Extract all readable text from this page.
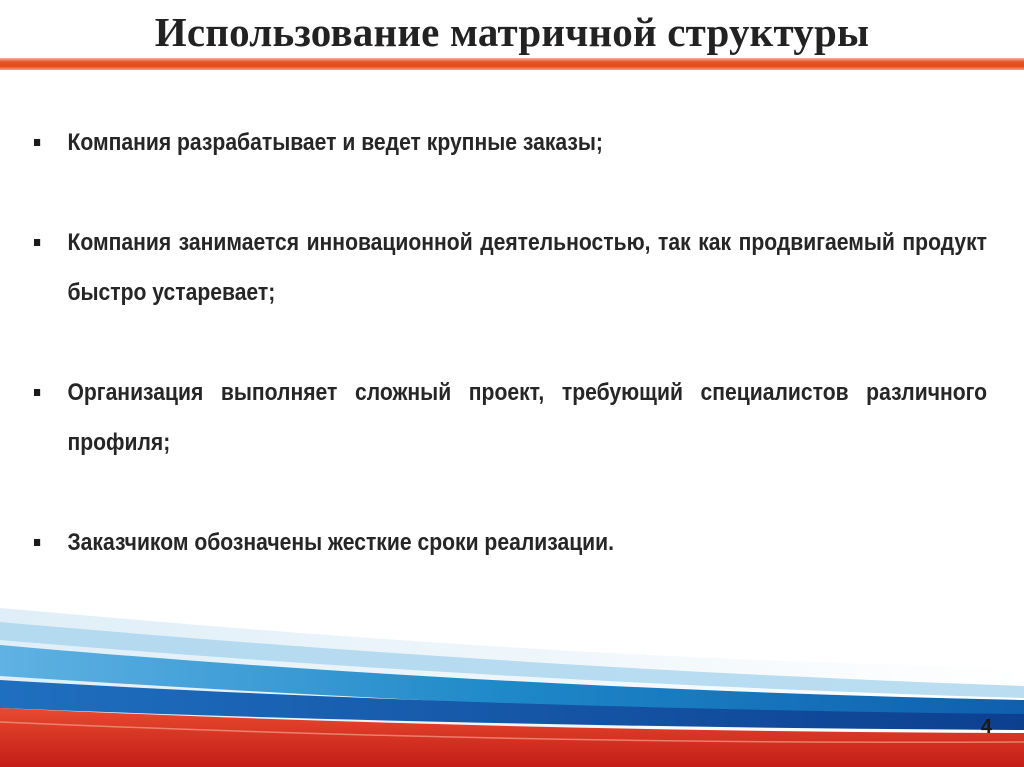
Использование матричной структуры
Компания разрабатывает и ведет крупные заказы;
Компания занимается инновационной деятельностью, так как продвигаемый продукт быстро устаревает;
Организация выполняет сложный проект, требующий специалистов различного профиля;
Заказчиком обозначены жесткие сроки реализации.
4
